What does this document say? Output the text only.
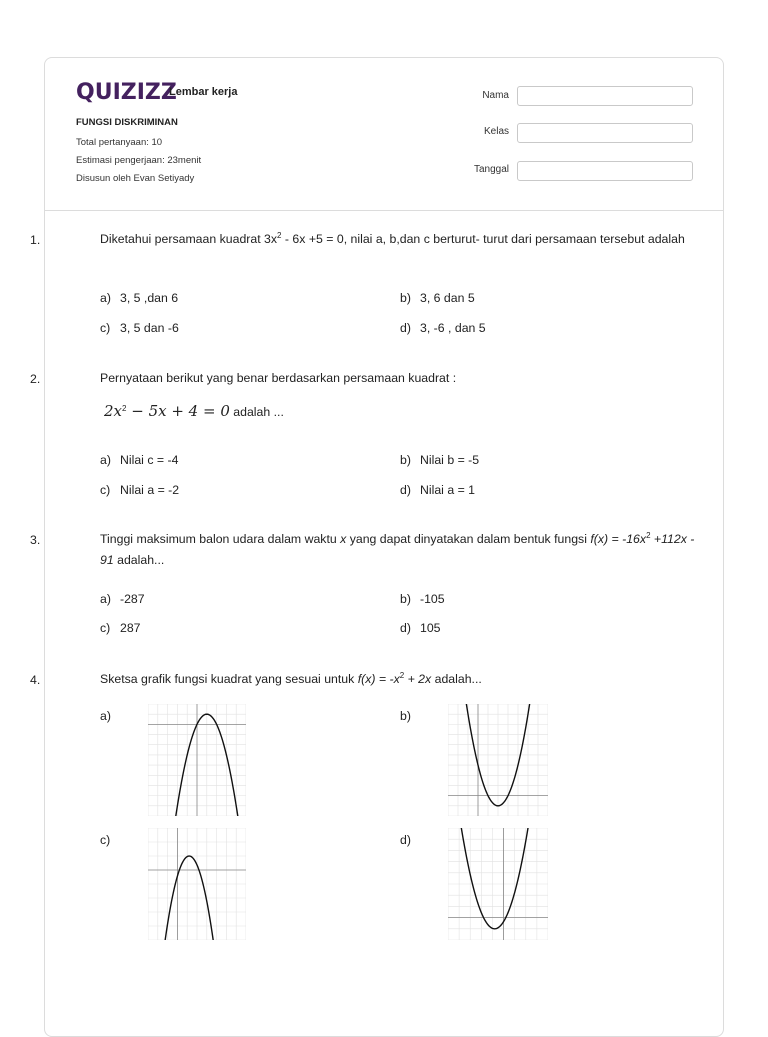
QUIZIZZ
Lembar kerja
FUNGSI DISKRIMINAN
Total pertanyaan: 10
Estimasi pengerjaan: 23menit
Disusun oleh Evan Setiyady
Nama
Kelas
Tanggal
1.	Diketahui persamaan kuadrat $3x^2 - 6x +5 = 0$, nilai a, b,dan c berturut- turut dari persamaan tersebut adalah
a) 3, 5 ,dan 6	b) 3, 6 dan 5
c) 3, 5 dan -6	d) 3, -6 , dan 5
2.	Pernyataan berikut yang benar berdasarkan persamaan kuadrat :
$2x^2 - 5x + 4 = 0$ adalah ...
a) Nilai c = -4	b) Nilai b = -5
c) Nilai a = -2	d) Nilai a = 1
3.	Tinggi maksimum balon udara dalam waktu x yang dapat dinyatakan dalam bentuk fungsi $f(x) = -16x^2 +112x - 91$ adalah...
a) -287	b) -105
c) 287	d) 105
4.	Sketsa grafik fungsi kuadrat yang sesuai untuk $f(x) = -x^2 + 2x$ adalah...
a)	b)
c)	d)
